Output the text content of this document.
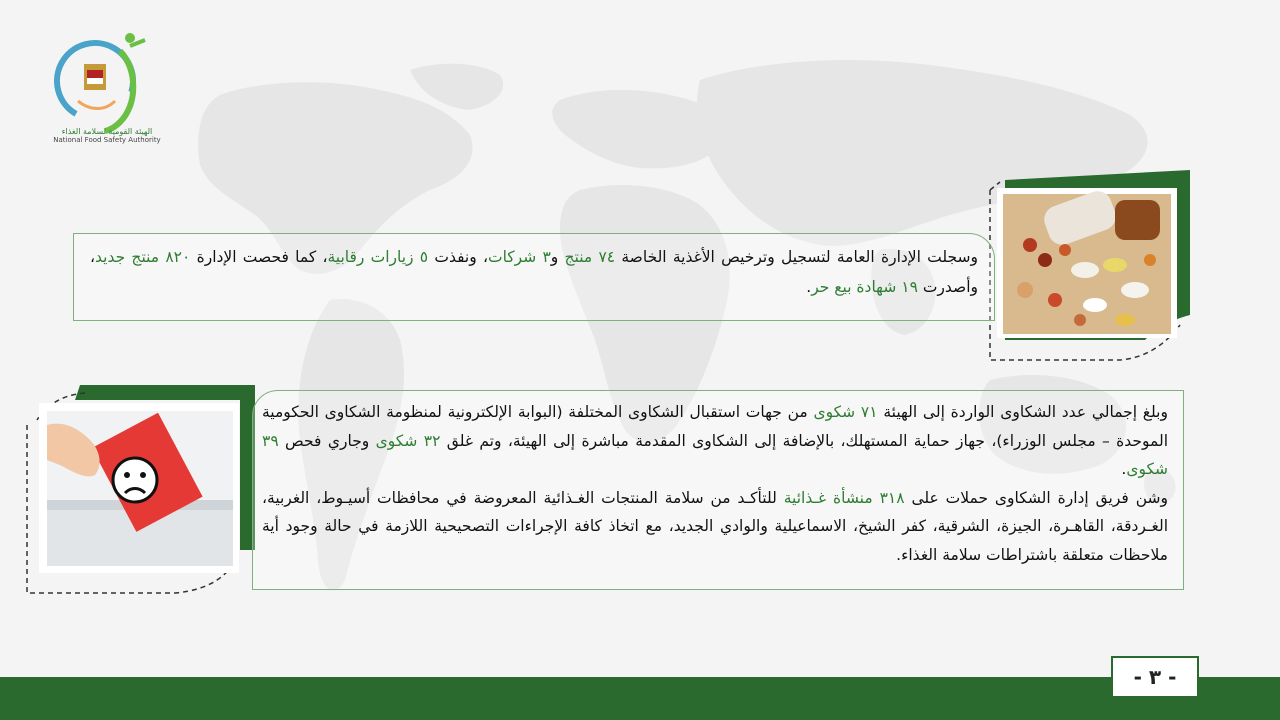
الهيئة القومية لسلامة الغذاء
National Food Safety Authority
وسجلت الإدارة العامة لتسجيل وترخيص الأغذية الخاصة ٧٤ منتج و٣ شركات، ونفذت ٥ زيارات رقابية، كما فحصت الإدارة ٨٢٠ منتج جديد، وأصدرت ١٩ شهادة بيع حر.

وبلغ إجمالي عدد الشكاوى الواردة إلى الهيئة ٧١ شكوى من جهات استقبال الشكاوى المختلفة (البوابة الإلكترونية لمنظومة الشكاوى الحكومية الموحدة – مجلس الوزراء)، جهاز حماية المستهلك، بالإضافة إلى الشكاوى المقدمة مباشرة إلى الهيئة، وتم غلق ٣٢ شكوى وجاري فحص ٣٩ شكوى.

وشن فريق إدارة الشكاوى حملات على ٣١٨ منشأة غـذائية للتأكـد من سلامة المنتجات الغـذائية المعروضة في محافظات أسيـوط، الغربية، الغـردقة، القاهـرة، الجيزة، الشرقية، كفر الشيخ، الاسماعيلية والوادي الجديد، مع اتخاذ كافة الإجراءات التصحيحية اللازمة في حالة وجود أية ملاحظات متعلقة باشتراطات سلامة الغذاء.

- ٣ -
